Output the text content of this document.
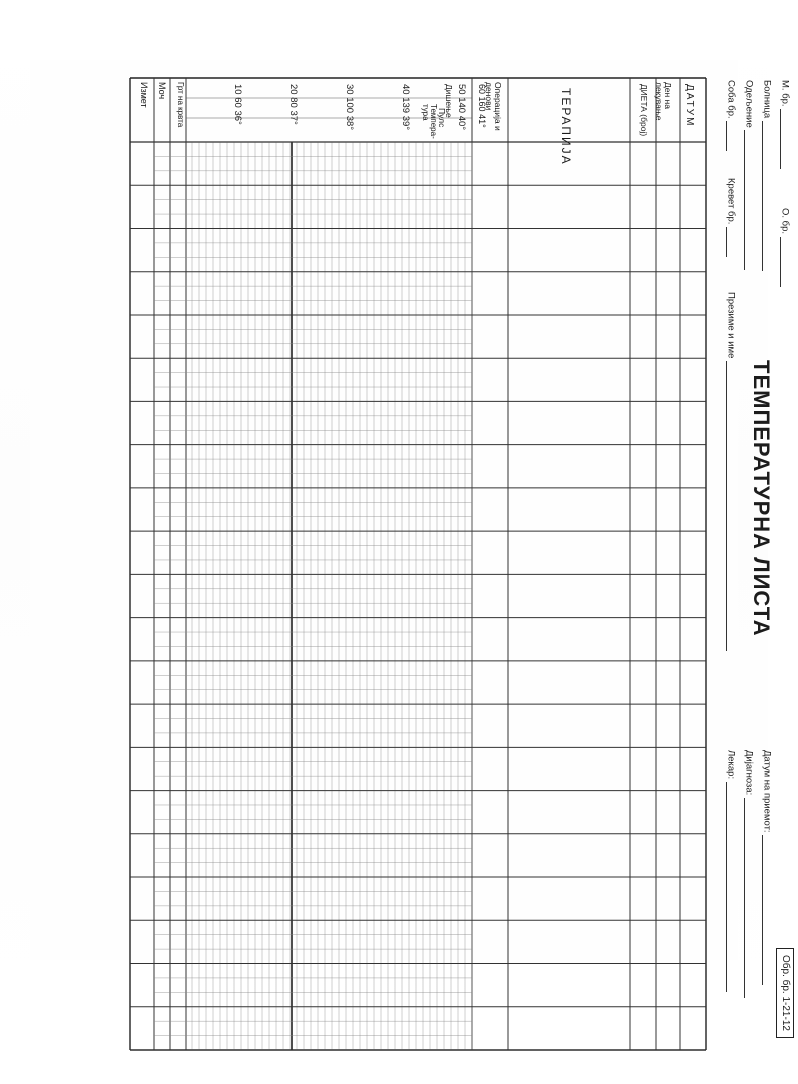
ТЕМПЕРАТУРНА ЛИСТА
Обр. бр. 1-21-12
М. бр.
О. бр.
Болница
Одељение
Соба бр.
Кревет бр.
Презиме и име
Датум на приемот:
Дијагноза:
Лекар:
ДАТУМ
Ден на лекување
ДИЕТА (број)
ТЕРАПИЈА
Операција и денови
Дишење
Пулс
Темпера- тура
60 160 41°
50 140 40°
40 139 39°
30 100 38°
20 80 37°
10 60 36°
Грт на крвта
Моч
Измет
